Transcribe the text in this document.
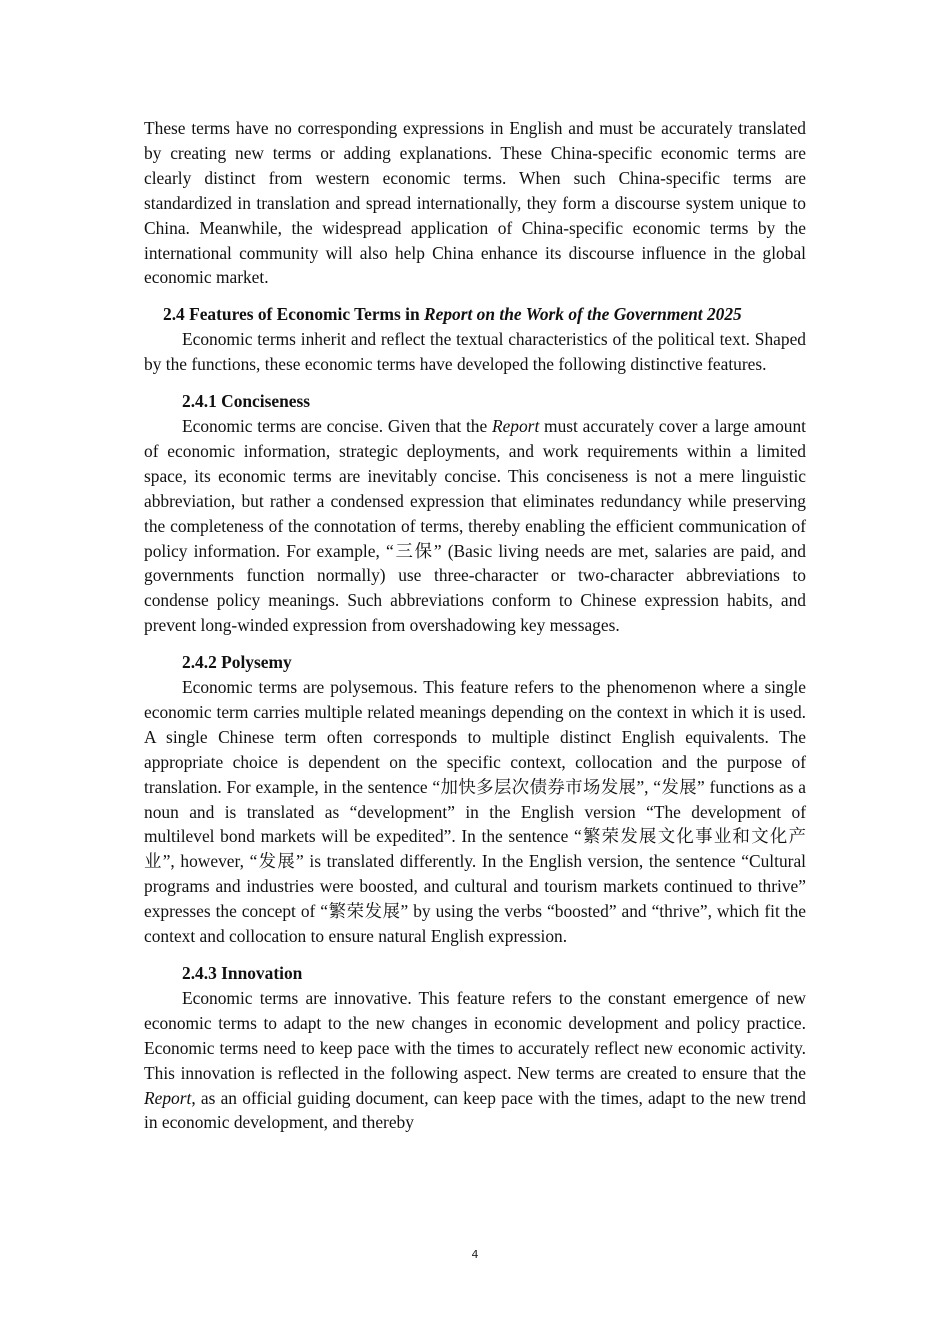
These terms have no corresponding expressions in English and must be accurately translated by creating new terms or adding explanations. These China-specific economic terms are clearly distinct from western economic terms. When such China-specific terms are standardized in translation and spread internationally, they form a discourse system unique to China. Meanwhile, the widespread application of China-specific economic terms by the international community will also help China enhance its discourse influence in the global economic market.

2.4 Features of Economic Terms in Report on the Work of the Government 2025

Economic terms inherit and reflect the textual characteristics of the political text. Shaped by the functions, these economic terms have developed the following distinctive features.

2.4.1 Conciseness

Economic terms are concise. Given that the Report must accurately cover a large amount of economic information, strategic deployments, and work requirements within a limited space, its economic terms are inevitably concise. This conciseness is not a mere linguistic abbreviation, but rather a condensed expression that eliminates redundancy while preserving the completeness of the connotation of terms, thereby enabling the efficient communication of policy information. For example, “三保” (Basic living needs are met, salaries are paid, and governments function normally) use three-character or two-character abbreviations to condense policy meanings. Such abbreviations conform to Chinese expression habits, and prevent long-winded expression from overshadowing key messages.

2.4.2 Polysemy

Economic terms are polysemous. This feature refers to the phenomenon where a single economic term carries multiple related meanings depending on the context in which it is used. A single Chinese term often corresponds to multiple distinct English equivalents. The appropriate choice is dependent on the specific context, collocation and the purpose of translation. For example, in the sentence “加快多层次债券市场发展”, “发展” functions as a noun and is translated as “development” in the English version “The development of multilevel bond markets will be expedited”. In the sentence “繁荣发展文化事业和文化产业”, however, “发展” is translated differently. In the English version, the sentence “Cultural programs and industries were boosted, and cultural and tourism markets continued to thrive” expresses the concept of “繁荣发展” by using the verbs “boosted” and “thrive”, which fit the context and collocation to ensure natural English expression.

2.4.3 Innovation

Economic terms are innovative. This feature refers to the constant emergence of new economic terms to adapt to the new changes in economic development and policy practice. Economic terms need to keep pace with the times to accurately reflect new economic activity. This innovation is reflected in the following aspect. New terms are created to ensure that the Report, as an official guiding document, can keep pace with the times, adapt to the new trend in economic development, and thereby

4
